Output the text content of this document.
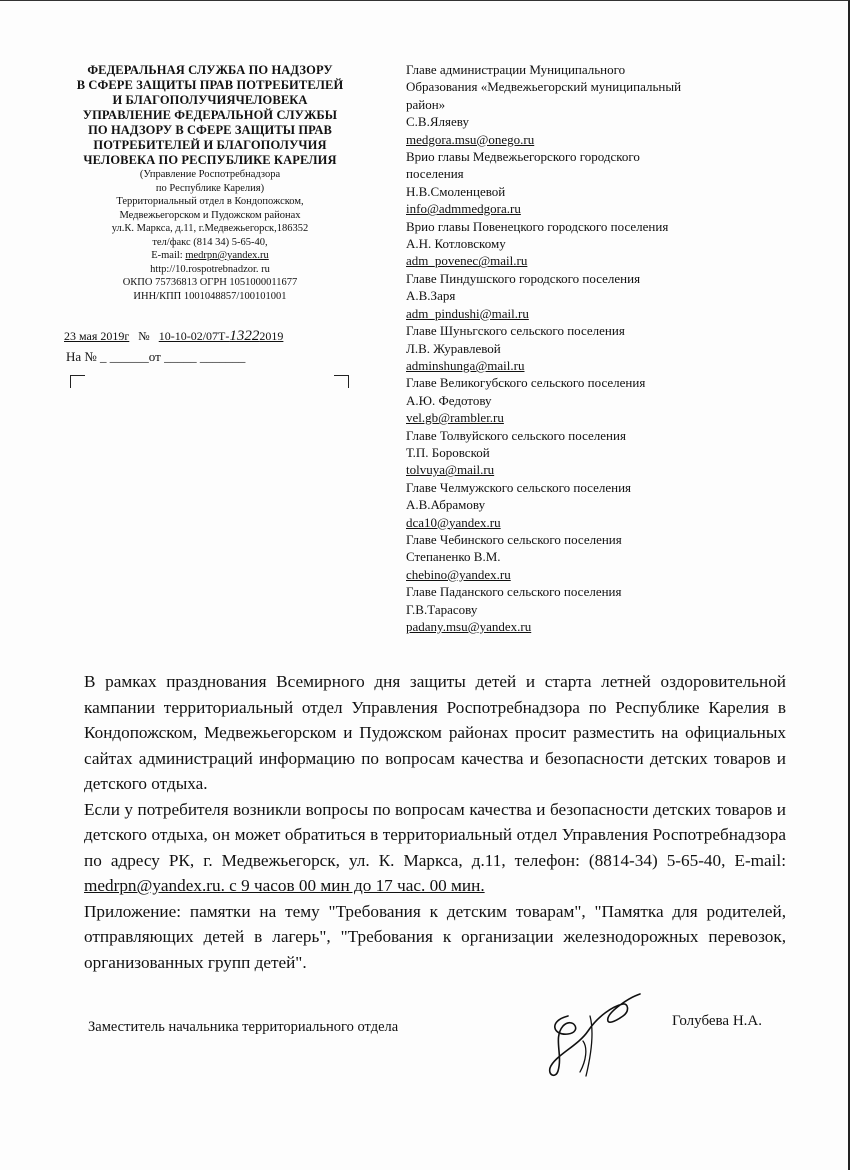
ФЕДЕРАЛЬНАЯ СЛУЖБА ПО НАДЗОРУ
В СФЕРЕ ЗАЩИТЫ ПРАВ ПОТРЕБИТЕЛЕЙ
И БЛАГОПОЛУЧИЯЧЕЛОВЕКА
УПРАВЛЕНИЕ ФЕДЕРАЛЬНОЙ СЛУЖБЫ
ПО НАДЗОРУ В СФЕРЕ ЗАЩИТЫ ПРАВ
ПОТРЕБИТЕЛЕЙ И БЛАГОПОЛУЧИЯ
ЧЕЛОВЕКА ПО РЕСПУБЛИКЕ КАРЕЛИЯ
(Управление Роспотребнадзора
по Республике Карелия)
Территориальный отдел в Кондопожском,
Медвежьегорском и Пудожском районах
ул.К. Маркса, д.11, г.Медвежьегорск,186352
тел/факс (814 34) 5-65-40,
E-mail: medrpn@yandex.ru
http://10.rospotrebnadzor. ru
ОКПО 75736813 ОГРН 1051000011677
ИНН/КПП 1001048857/100101001
23 мая 2019г № 10-10-02/07Т-13222019
На № _ ______от _____ _______
Главе администрации Муниципального
Образования «Медвежьегорский муниципальный
район»
С.В.Яляеву
medgora.msu@onego.ru
Врио главы Медвежьегорского городского
поселения
Н.В.Смоленцевой
info@admmedgora.ru
Врио главы Повенецкого городского поселения
А.Н. Котловскому
adm_povenec@mail.ru
Главе Пиндушского городского поселения
А.В.Заря
adm_pindushi@mail.ru
Главе Шуньгского сельского поселения
Л.В. Журавлевой
adminshunga@mail.ru
Главе Великогубского сельского поселения
А.Ю. Федотову
vel.gb@rambler.ru
Главе Толвуйского сельского поселения
Т.П. Боровской
tolvuya@mail.ru
Главе Челмужского сельского поселения
А.В.Абрамову
dca10@yandex.ru
Главе Чебинского сельского поселения
Степаненко В.М.
chebino@yandex.ru
Главе Паданского сельского поселения
Г.В.Тарасову
padany.msu@yandex.ru

В рамках празднования Всемирного дня защиты детей и старта летней оздоровительной кампании территориальный отдел Управления Роспотребнадзора по Республике Карелия в Кондопожском, Медвежьегорском и Пудожском районах просит разместить на официальных сайтах администраций информацию по вопросам качества и безопасности детских товаров и детского отдыха.

Если у потребителя возникли вопросы по вопросам качества и безопасности детских товаров и детского отдыха, он может обратиться в территориальный отдел Управления Роспотребнадзора по адресу РК, г. Медвежьегорск, ул. К. Маркса, д.11, телефон: (8814-34) 5-65-40, E-mail: medrpn@yandex.ru. с 9 часов 00 мин до 17 час. 00 мин.

Приложение: памятки на тему "Требования к детским товарам", "Памятка для родителей, отправляющих детей в лагерь", "Требования к организации железнодорожных перевозок, организованных групп детей".

Заместитель начальника территориального отдела	Голубева Н.А.
